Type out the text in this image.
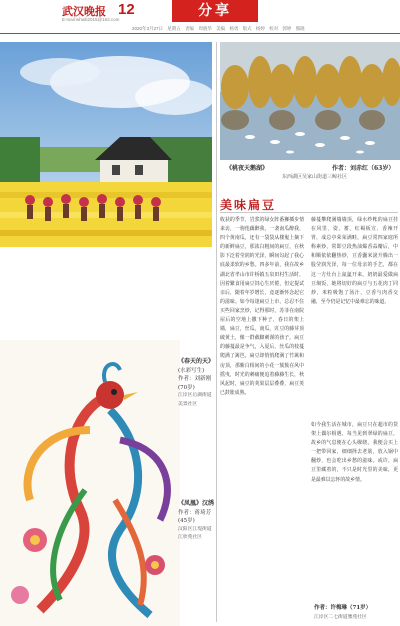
武汉晚报 12
E-mail:whwb2015@163.com
2020年3月27日 星期五 责编 周晓华 美编 杨勇 版式 杨婷 校对 郭婷 熊晓
分享
《桃夜天鹅湖》	作者：刘赤红（63岁）
东西湖区吴家山街道三鲸社区
美味扁豆
收获的季节，岩浆的绿女阵番狮插步情来访，一驹莲藕醉我，一袭南瓜醉我，四个黄南瓜，还有一袋袋从楼嵬上摘下的新鲜扁豆，那浓白粗间的扁豆，在秋影下泛着莹润的光泽，瞬间勾起了我心底最柔软的乡愁。四多年前，我在故乡湖北省孝山市许桥镇五泉田村生活时，因着繁食用扁豆饲心生厌倦，但定提试亲后，随着年岁增长，竟逐渐怀念起它的滋味。如今每逢扁豆上市，总忍不住买些回家烹炒，记得那时，苏菲在南院屋后的空地上撒下种子，春日的架上墙，扁豆，丝瓜，南瓜，豇豆的藤芽顶破黄土，像一群截脚刺谨的孩子。扁豆的藤蔓最是争气，入夏后，丝瓜的枝蔓爬满了篱笆，扁豆却悄悄爬满了竹篱和房顶，那紫白相间的小花一簇簇在风中摇曳，时光的刺痛便追着藤藤生长，秋风起时，扁豆的荚果层层叠叠，扁豆荚已鼓胀成熟。
藤蔓攀爬满墙墙顶，绿水纱帐的扁豆挂在风里，姿、蓄，红褐板宣，香辣开胃，成总亭荣荣满畦。扁豆常四家庭所称素炒，常即豆段热油爆香蒜瓣后，中和顺依依翻热炒，豆香囊米滚升腾出一股莹润光泽，每一位母亲的手艺，都在这一方灶台上氤氲开来。奶奶最爱做扁豆焖饭，她将切好的扁豆与五花肉丁同炒，米粒吸饱了汤汁，豆香与肉香交融，至今仍是记忆中最难忘的味道。
如今我生活在城市，扁豆只在超市的货架上偶尔相遇，每当见到翠绿的扁豆，故乡的气息便在心头缭绕。我便会买上一把带回家，细细择去老筋，放入锅中翻炒，也会吃出乡愁的滋味。或许，扁豆里藏着的，不只是时光里的美味，更是最难以忘怀的故乡情。
作者：许梅琳（71岁）
江岸区二七街道雅苑社区
《春天的天》
(水彩写生)
作者：刘新刚(70岁)
江岸区后湖街道美景社区
《凤凰》汉绣
作者：蒋琦芳(45岁)
汉阳区江堤街道江欣苑社区
